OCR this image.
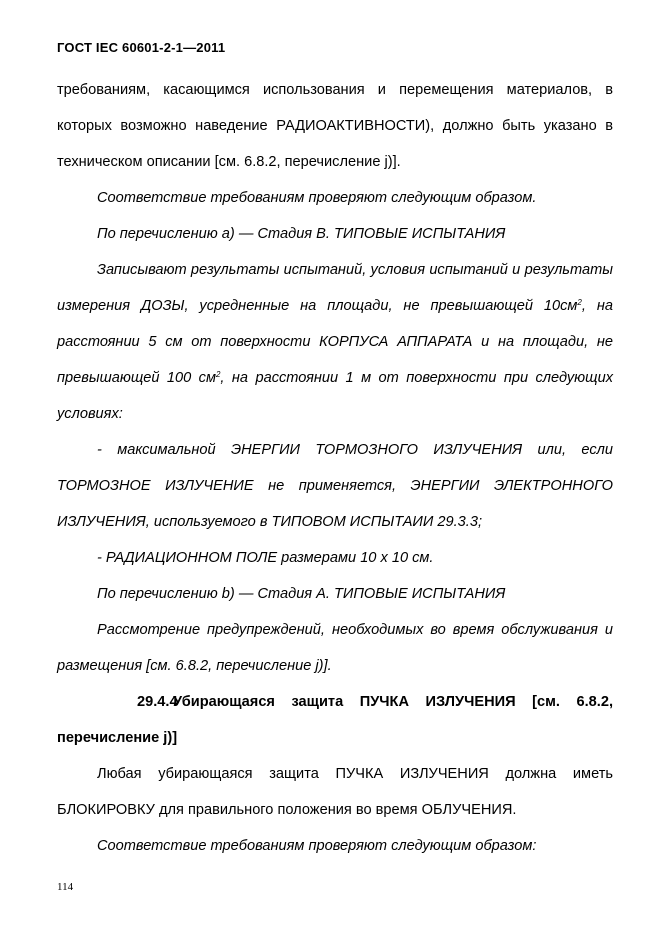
ГОСТ IEC 60601-2-1—2011

требованиям, касающимся использования и перемещения материалов, в которых возможно наведение РАДИОАКТИВНОСТИ), должно быть указано в техническом описании [см. 6.8.2, перечисление j)].

Соответствие требованиям проверяют следующим образом.

По перечислению а) — Стадия В. ТИПОВЫЕ ИСПЫТАНИЯ

Записывают результаты испытаний, условия испытаний и результаты измерения ДОЗЫ, усредненные на площади, не превышающей $10см^2$, на расстоянии 5 см от поверхности КОРПУСА АППАРАТА и на площади, не превышающей 100 $см^2$, на расстоянии 1 м от поверхности при следующих условиях:

- максимальной ЭНЕРГИИ ТОРМОЗНОГО ИЗЛУЧЕНИЯ или, если ТОРМОЗНОЕ ИЗЛУЧЕНИЕ не применяется, ЭНЕРГИИ ЭЛЕКТРОННОГО ИЗЛУЧЕНИЯ, используемого в ТИПОВОМ ИСПЫТАИИ 29.3.3;

- РАДИАЦИОННОМ ПОЛЕ размерами 10 х 10 см.

По перечислению b) — Стадия А. ТИПОВЫЕ ИСПЫТАНИЯ

Рассмотрение предупреждений, необходимых во время обслуживания и размещения [см. 6.8.2, перечисление j)].

29.4.4Убирающаяся защита ПУЧКА ИЗЛУЧЕНИЯ [см. 6.8.2,

перечисление j)]

Любая убирающаяся защита ПУЧКА ИЗЛУЧЕНИЯ должна иметь БЛОКИРОВКУ для правильного положения во время ОБЛУЧЕНИЯ.

Соответствие требованиям проверяют следующим образом:

114
